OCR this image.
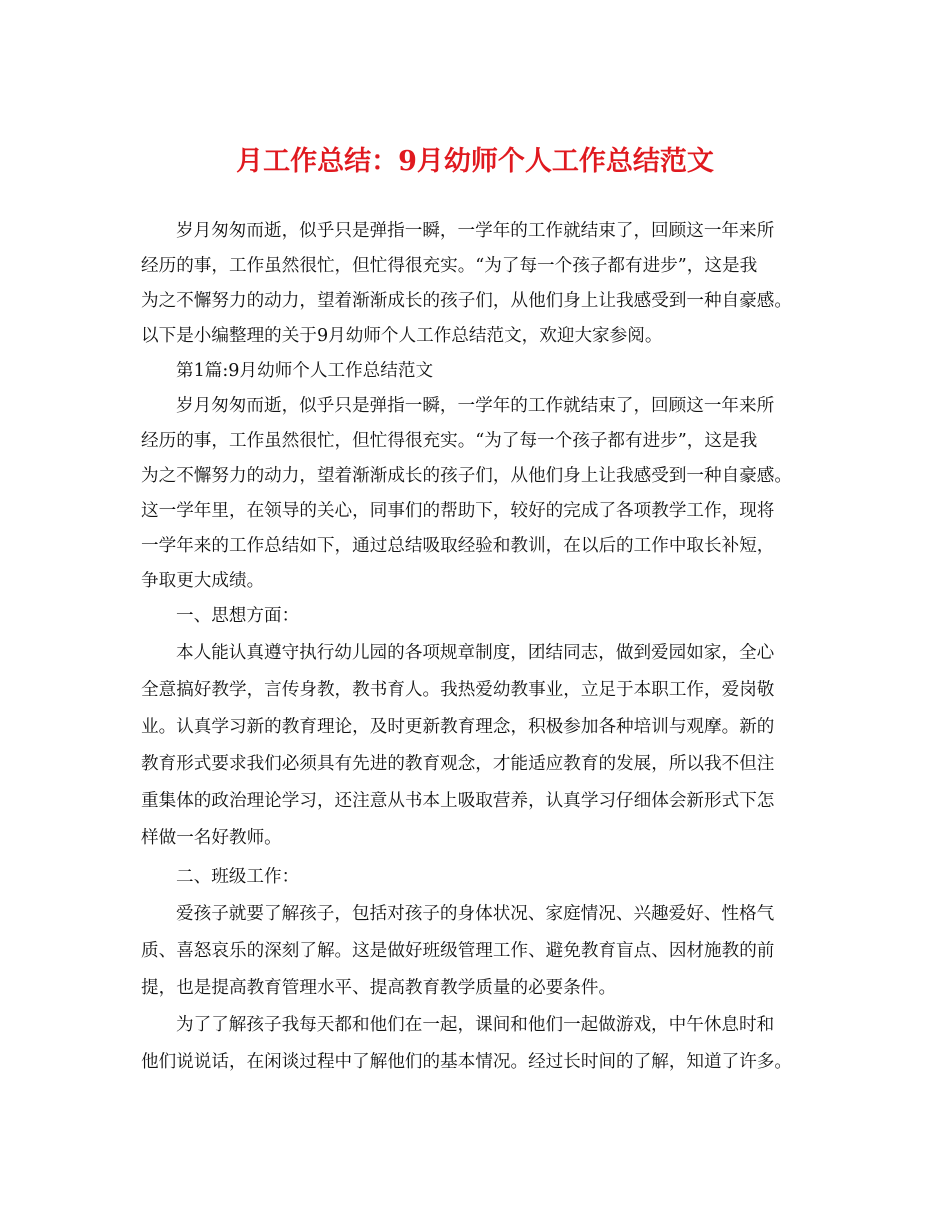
月工作总结：9月幼师个人工作总结范文

岁月匆匆而逝，似乎只是弹指一瞬，一学年的工作就结束了，回顾这一年来所

经历的事，工作虽然很忙，但忙得很充实。“为了每一个孩子都有进步”，这是我

为之不懈努力的动力，望着渐渐成长的孩子们，从他们身上让我感受到一种自豪感。

以下是小编整理的关于9月幼师个人工作总结范文，欢迎大家参阅。

第1篇:9月幼师个人工作总结范文

岁月匆匆而逝，似乎只是弹指一瞬，一学年的工作就结束了，回顾这一年来所

经历的事，工作虽然很忙，但忙得很充实。“为了每一个孩子都有进步”，这是我

为之不懈努力的动力，望着渐渐成长的孩子们，从他们身上让我感受到一种自豪感。

这一学年里，在领导的关心，同事们的帮助下，较好的完成了各项教学工作，现将

一学年来的工作总结如下，通过总结吸取经验和教训，在以后的工作中取长补短，

争取更大成绩。

一、思想方面：

本人能认真遵守执行幼儿园的各项规章制度，团结同志，做到爱园如家，全心

全意搞好教学，言传身教，教书育人。我热爱幼教事业，立足于本职工作，爱岗敬

业。认真学习新的教育理论，及时更新教育理念，积极参加各种培训与观摩。新的

教育形式要求我们必须具有先进的教育观念，才能适应教育的发展，所以我不但注

重集体的政治理论学习，还注意从书本上吸取营养，认真学习仔细体会新形式下怎

样做一名好教师。

二、班级工作：

爱孩子就要了解孩子，包括对孩子的身体状况、家庭情况、兴趣爱好、性格气

质、喜怒哀乐的深刻了解。这是做好班级管理工作、避免教育盲点、因材施教的前

提，也是提高教育管理水平、提高教育教学质量的必要条件。

为了了解孩子我每天都和他们在一起，课间和他们一起做游戏，中午休息时和

他们说说话，在闲谈过程中了解他们的基本情况。经过长时间的了解，知道了许多。
